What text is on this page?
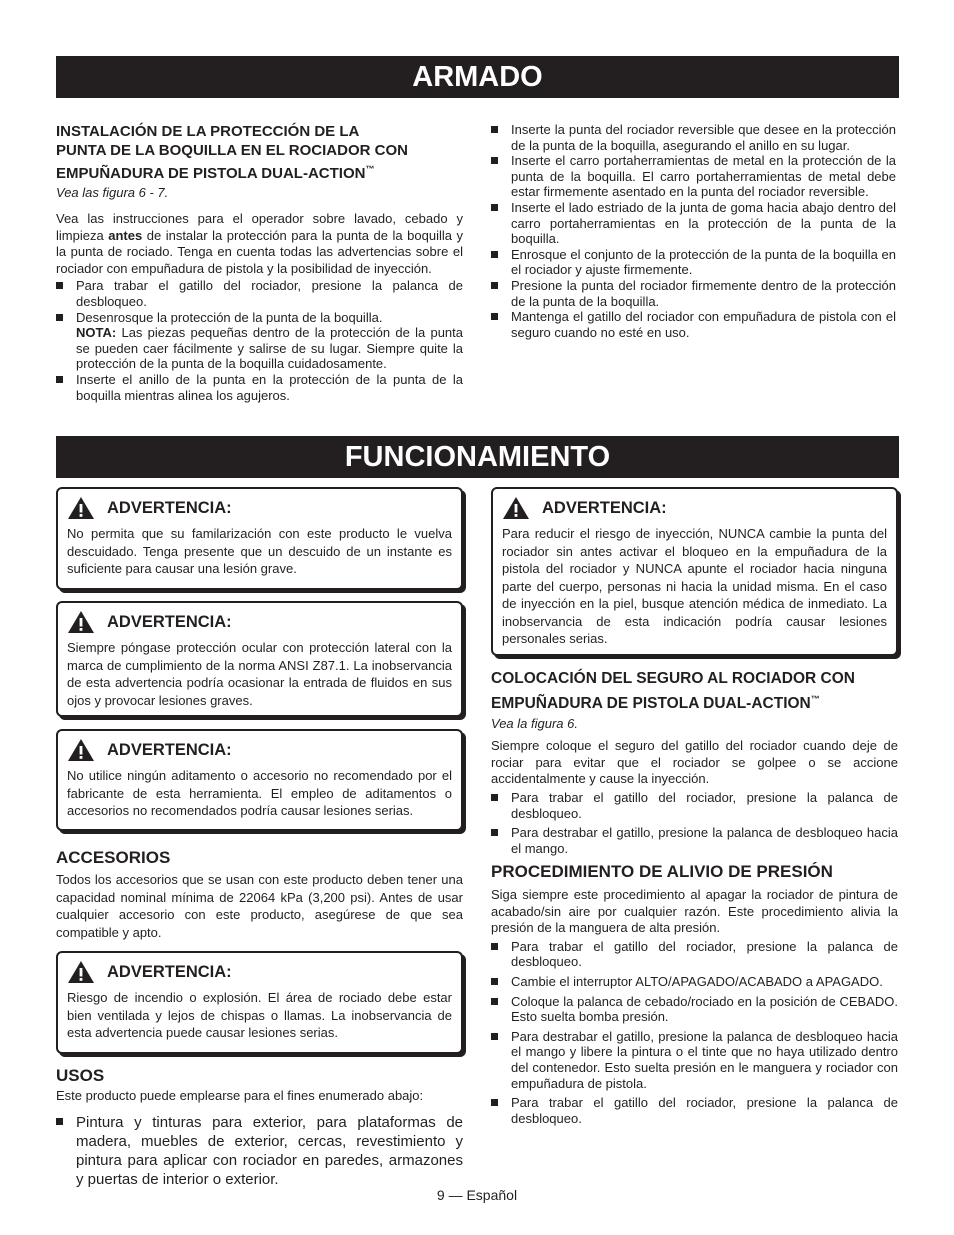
ARMADO
INSTALACIÓN DE LA PROTECCIÓN DE LA
PUNTA DE LA BOQUILLA EN EL ROCIADOR CON
EMPUÑADURA DE PISTOLA DUAL-ACTION™

Vea las figura 6 - 7.

Vea las instrucciones para el operador sobre lavado, cebado y limpieza antes de instalar la protección para la punta de la boquilla y la punta de rociado. Tenga en cuenta todas las advertencias sobre el rociador con empuñadura de pistola y la posibilidad de inyección.

Para trabar el gatillo del rociador, presione la palanca de desbloqueo.
Desenrosque la protección de la punta de la boquilla.
NOTA: Las piezas pequeñas dentro de la protección de la punta se pueden caer fácilmente y salirse de su lugar. Siempre quite la protección de la punta de la boquilla cuidadosamente.
Inserte el anillo de la punta en la protección de la punta de la boquilla mientras alinea los agujeros.
Inserte la punta del rociador reversible que desee en la protección de la punta de la boquilla, asegurando el anillo en su lugar.
Inserte el carro portaherramientas de metal en la protección de la punta de la boquilla. El carro portaherramientas de metal debe estar firmemente asentado en la punta del rociador reversible.
Inserte el lado estriado de la junta de goma hacia abajo dentro del carro portaherramientas en la protección de la punta de la boquilla.
Enrosque el conjunto de la protección de la punta de la boquilla en el rociador y ajuste firmemente.
Presione la punta del rociador firmemente dentro de la protección de la punta de la boquilla.
Mantenga el gatillo del rociador con empuñadura de pistola con el seguro cuando no esté en uso.
FUNCIONAMIENTO
ADVERTENCIA:

No permita que su familarización con este producto le vuelva descuidado. Tenga presente que un descuido de un instante es suficiente para causar una lesión grave.

ADVERTENCIA:

Siempre póngase protección ocular con protección lateral con la marca de cumplimiento de la norma ANSI Z87.1. La inobservancia de esta advertencia podría ocasionar la entrada de fluidos en sus ojos y provocar lesiones graves.

ADVERTENCIA:

No utilice ningún aditamento o accesorio no recomendado por el fabricante de esta herramienta. El empleo de aditamentos o accesorios no recomendados podría causar lesiones serias.

ACCESORIOS

Todos los accesorios que se usan con este producto deben tener una capacidad nominal mínima de 22064 kPa (3,200 psi). Antes de usar cualquier accesorio con este producto, asegúrese de que sea compatible y apto.

ADVERTENCIA:

Riesgo de incendio o explosión. El área de rociado debe estar bien ventilada y lejos de chispas o llamas. La inobservancia de esta advertencia puede causar lesiones serias.

USOS

Este producto puede emplearse para el fines enumerado abajo:

Pintura y tinturas para exterior, para plataformas de madera, muebles de exterior, cercas, revestimiento y pintura para aplicar con rociador en paredes, armazones y puertas de interior o exterior.
ADVERTENCIA:

Para reducir el riesgo de inyección, NUNCA cambie la punta del rociador sin antes activar el bloqueo en la empuñadura de la pistola del rociador y NUNCA apunte el rociador hacia ninguna parte del cuerpo, personas ni hacia la unidad misma. En el caso de inyección en la piel, busque atención médica de inmediato. La inobservancia de esta indicación podría causar lesiones personales serias.

COLOCACIÓN DEL SEGURO AL ROCIADOR CON
EMPUÑADURA DE PISTOLA DUAL-ACTION™

Vea la figura 6.

Siempre coloque el seguro del gatillo del rociador cuando deje de rociar para evitar que el rociador se golpee o se accione accidentalmente y cause la inyección.

Para trabar el gatillo del rociador, presione la palanca de desbloqueo.
Para destrabar el gatillo, presione la palanca de desbloqueo hacia el mango.
PROCEDIMIENTO DE ALIVIO DE PRESIÓN

Siga siempre este procedimiento al apagar la rociador de pintura de acabado/sin aire por cualquier razón. Este procedimiento alivia la presión de la manguera de alta presión.

Para trabar el gatillo del rociador, presione la palanca de desbloqueo.
Cambie el interruptor ALTO/APAGADO/ACABADO a APAGADO.
Coloque la palanca de cebado/rociado en la posición de CEBADO. Esto suelta bomba presión.
Para destrabar el gatillo, presione la palanca de desbloqueo hacia el mango y libere la pintura o el tinte que no haya utilizado dentro del contenedor. Esto suelta presión en le manguera y rociador con empuñadura de pistola.
Para trabar el gatillo del rociador, presione la palanca de desbloqueo.
9 — Español
